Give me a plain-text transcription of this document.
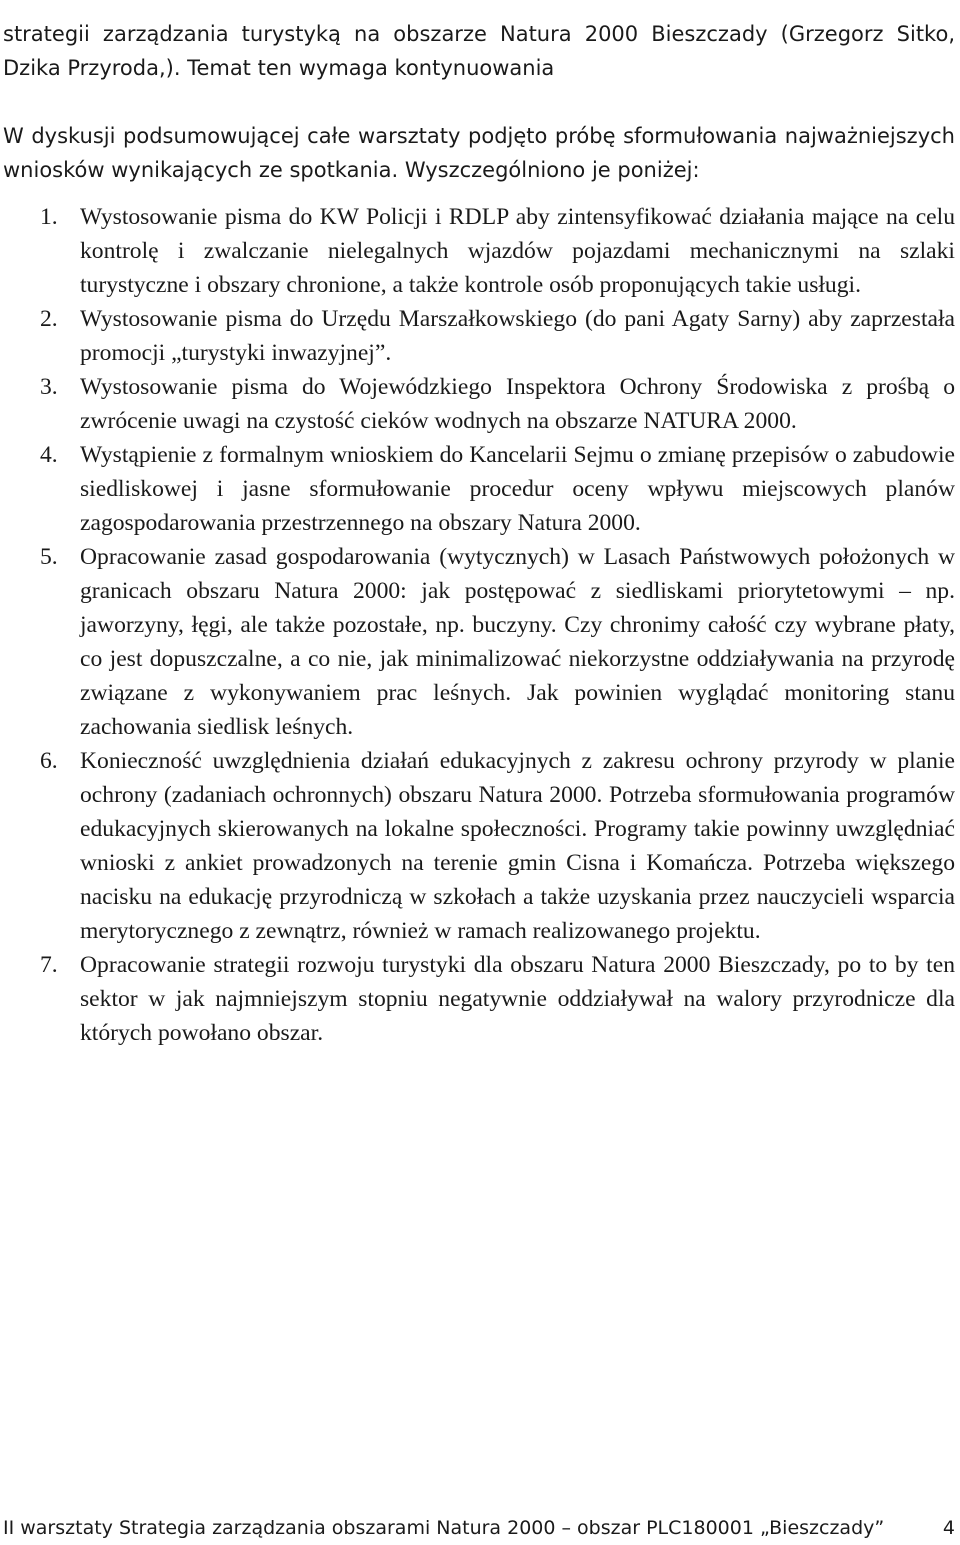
strategii zarządzania turystyką na obszarze Natura 2000 Bieszczady (Grzegorz Sitko, Dzika Przyroda,). Temat ten wymaga kontynuowania

W dyskusji podsumowującej całe warsztaty podjęto próbę sformułowania najważniejszych wniosków wynikających ze spotkania. Wyszczególniono je poniżej:

1. Wystosowanie pisma do KW Policji i RDLP aby zintensyfikować działania mające na celu kontrolę i zwalczanie nielegalnych wjazdów pojazdami mechanicznymi na szlaki turystyczne i obszary chronione, a także kontrole osób proponujących takie usługi.
2. Wystosowanie pisma do Urzędu Marszałkowskiego (do pani Agaty Sarny) aby zaprzestała promocji „turystyki inwazyjnej”.
3. Wystosowanie pisma do Wojewódzkiego Inspektora Ochrony Środowiska z prośbą o zwrócenie uwagi na czystość cieków wodnych na obszarze NATURA 2000.
4. Wystąpienie z formalnym wnioskiem do Kancelarii Sejmu o zmianę przepisów o zabudowie siedliskowej i jasne sformułowanie procedur oceny wpływu miejscowych planów zagospodarowania przestrzennego na obszary Natura 2000.
5. Opracowanie zasad gospodarowania (wytycznych) w Lasach Państwowych położonych w granicach obszaru Natura 2000: jak postępować z siedliskami priorytetowymi – np. jaworzyny, łęgi, ale także pozostałe, np. buczyny. Czy chronimy całość czy wybrane płaty, co jest dopuszczalne, a co nie, jak minimalizować niekorzystne oddziaływania na przyrodę związane z wykonywaniem prac leśnych. Jak powinien wyglądać monitoring stanu zachowania siedlisk leśnych.
6. Konieczność uwzględnienia działań edukacyjnych z zakresu ochrony przyrody w planie ochrony (zadaniach ochronnych) obszaru Natura 2000. Potrzeba sformułowania programów edukacyjnych skierowanych na lokalne społeczności. Programy takie powinny uwzględniać wnioski z ankiet prowadzonych na terenie gmin Cisna i Komańcza. Potrzeba większego nacisku na edukację przyrodniczą w szkołach a także uzyskania przez nauczycieli wsparcia merytorycznego z zewnątrz, również w ramach realizowanego projektu.
7. Opracowanie strategii rozwoju turystyki dla obszaru Natura 2000 Bieszczady, po to by ten sektor w jak najmniejszym stopniu negatywnie oddziaływał na walory przyrodnicze dla których powołano obszar.
II warsztaty Strategia zarządzania obszarami Natura 2000 – obszar PLC180001 „Bieszczady”	4
